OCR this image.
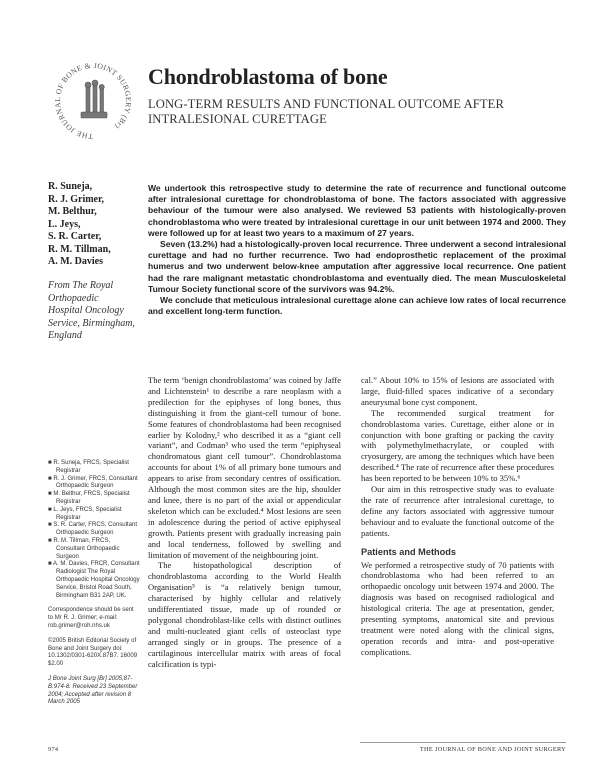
THE JOURNAL OF BONE & JOINT SURGERY (Br)
Chondroblastoma of bone
LONG-TERM RESULTS AND FUNCTIONAL OUTCOME AFTER INTRALESIONAL CURETTAGE
R. Suneja,
R. J. Grimer,
M. Belthur,
L. Jeys,
S. R. Carter,
R. M. Tillman,
A. M. Davies
From The Royal
Orthopaedic
Hospital Oncology
Service, Birmingham,
England

We undertook this retrospective study to determine the rate of recurrence and functional outcome after intralesional curettage for chondroblastoma of bone. The factors associated with aggressive behaviour of the tumour were also analysed. We reviewed 53 patients with histologically-proven chondroblastoma who were treated by intralesional curettage in our unit between 1974 and 2000. They were followed up for at least two years to a maximum of 27 years.

Seven (13.2%) had a histologically-proven local recurrence. Three underwent a second intralesional curettage and had no further recurrence. Two had endoprosthetic replacement of the proximal humerus and two underwent below-knee amputation after aggressive local recurrence. One patient had the rare malignant metastatic chondroblastoma and eventually died. The mean Musculoskeletal Tumour Society functional score of the survivors was 94.2%.

We conclude that meticulous intralesional curettage alone can achieve low rates of local recurrence and excellent long-term function.

■ R. Suneja, FRCS, Specialist Registrar
■ R. J. Grimer, FRCS, Consultant Orthopaedic Surgeon
■ M. Belthur, FRCS, Specialist Registrar
■ L. Jeys, FRCS, Specialist Registrar
■ S. R. Carter, FRCS, Consultant Orthopaedic Surgeon
■ R. M. Tillman, FRCS, Consultant Orthopaedic Surgeon
■ A. M. Davies, FRCR, Consultant Radiologist The Royal Orthopaedic Hospital Oncology Service, Bristol Road South, Birmingham B31 2AP, UK.
Correspondence should be sent to Mr R. J. Grimer; e-mail: rob.grimer@roh.nhs.uk
©2005 British Editorial Society of Bone and Joint Surgery doi: 10.1302/0301-620X.87B7. 16009 $2.00
J Bone Joint Surg [Br] 2005;87-B:974-8. Received 23 September 2004; Accepted after revision 8 March 2005

The term ‘benign chondroblastoma’ was coined by Jaffe and Lichtenstein¹ to describe a rare neoplasm with a predilection for the epiphyses of long bones, thus distinguishing it from the giant-cell tumour of bone. Some features of chondroblastoma had been recognised earlier by Kolodny,² who described it as a “giant cell variant”, and Codman³ who used the term “epiphyseal chondromatous giant cell tumour”. Chondroblastoma accounts for about 1% of all primary bone tumours and appears to arise from secondary centres of ossification. Although the most common sites are the hip, shoulder and knee, there is no part of the axial or appendicular skeleton which can be excluded.⁴ Most lesions are seen in adolescence during the period of active epiphyseal growth. Patients present with gradually increasing pain and local tenderness, followed by swelling and limitation of movement of the neighbouring joint.

The histopathological description of chondroblastoma according to the World Health Organisation⁵ is “a relatively benign tumour, characterised by highly cellular and relatively undifferentiated tissue, made up of rounded or polygonal chondroblast-like cells with distinct outlines and multi-nucleated giant cells of osteoclast type arranged singly or in groups. The presence of a cartilaginous intercellular matrix with areas of focal calcification is typi-

cal.” About 10% to 15% of lesions are associated with large, fluid-filled spaces indicative of a secondary aneurysmal bone cyst component.

The recommended surgical treatment for chondroblastoma varies. Curettage, either alone or in conjunction with bone grafting or packing the cavity with polymethylmethacrylate, or coupled with cryosurgery, are among the techniques which have been described.⁴ The rate of recurrence after these procedures has been reported to be between 10% to 35%.⁶

Our aim in this retrospective study was to evaluate the rate of recurrence after intralesional curettage, to define any factors associated with aggressive tumour behaviour and to evaluate the functional outcome of the patients.

Patients and Methods

We performed a retrospective study of 70 patients with chondroblastoma who had been referred to an orthopaedic oncology unit between 1974 and 2000. The diagnosis was based on recognised radiological and histological criteria. The age at presentation, gender, presenting symptoms, anatomical site and previous treatment were noted along with the clinical signs, operation records and intra- and post-operative complications.

974	THE JOURNAL OF BONE AND JOINT SURGERY
